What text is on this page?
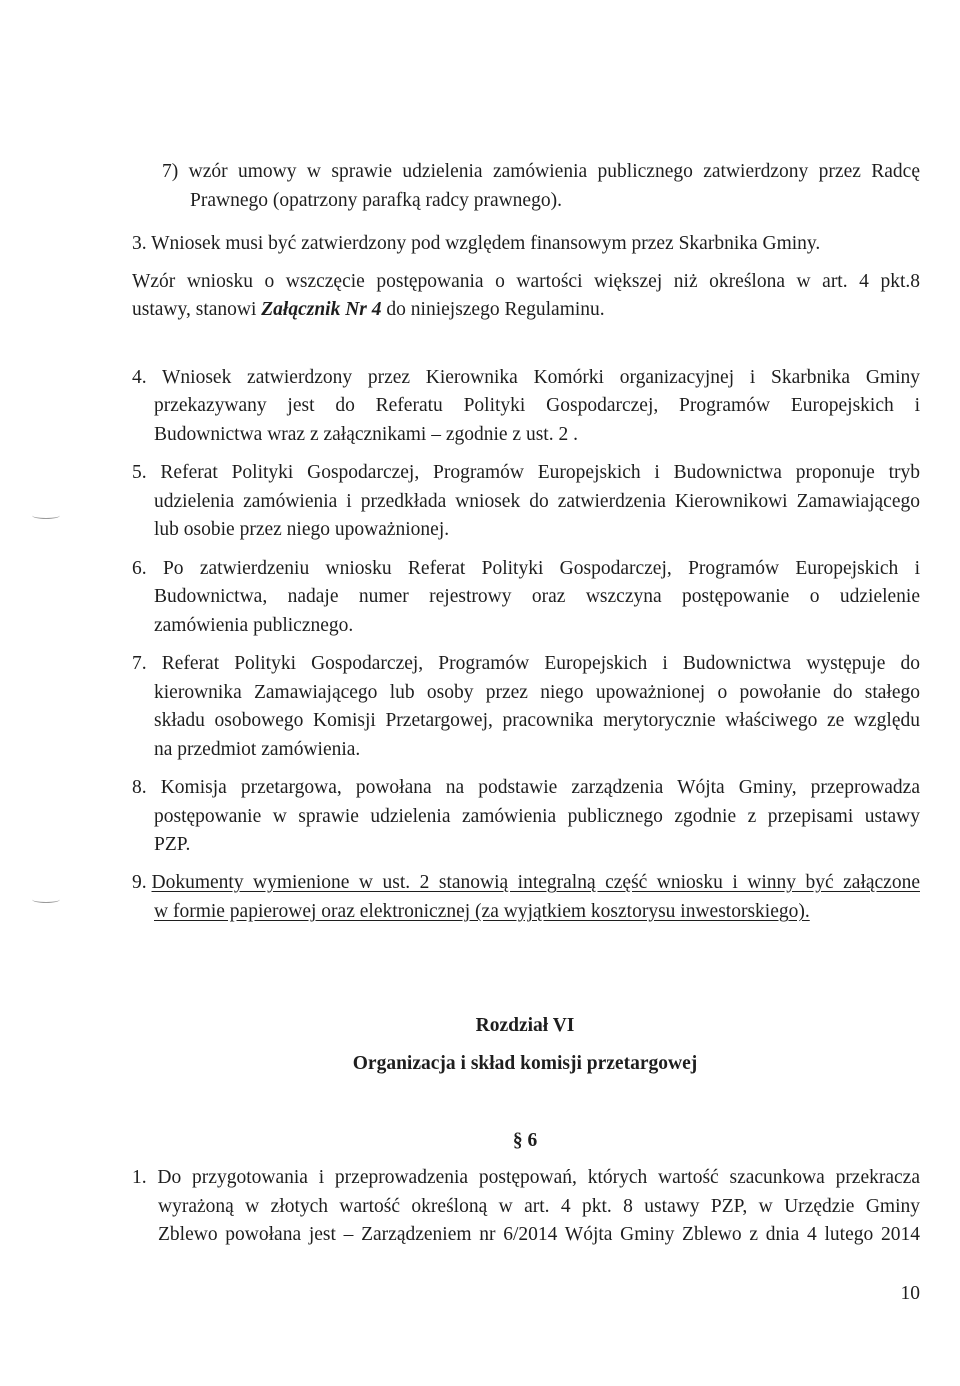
7) wzór umowy w sprawie udzielenia zamówienia publicznego zatwierdzony przez Radcę
Prawnego (opatrzony parafką radcy prawnego).
3. Wniosek musi być zatwierdzony pod względem finansowym przez Skarbnika Gminy.
Wzór wniosku o wszczęcie postępowania o wartości większej niż określona w art. 4 pkt.8
ustawy, stanowi Załącznik Nr 4 do niniejszego Regulaminu.
4. Wniosek zatwierdzony przez Kierownika Komórki organizacyjnej i Skarbnika Gminy
przekazywany jest do Referatu Polityki Gospodarczej, Programów Europejskich i
Budownictwa wraz z załącznikami – zgodnie z ust. 2 .
5. Referat Polityki Gospodarczej, Programów Europejskich i Budownictwa proponuje tryb
udzielenia zamówienia i przedkłada wniosek do zatwierdzenia Kierownikowi Zamawiającego
lub osobie przez niego upoważnionej.
6. Po zatwierdzeniu wniosku Referat Polityki Gospodarczej, Programów Europejskich i
Budownictwa, nadaje numer rejestrowy oraz wszczyna postępowanie o udzielenie
zamówienia publicznego.
7. Referat Polityki Gospodarczej, Programów Europejskich i Budownictwa występuje do
kierownika Zamawiającego lub osoby przez niego upoważnionej o powołanie do stałego
składu osobowego Komisji Przetargowej, pracownika merytorycznie właściwego ze względu
na przedmiot zamówienia.
8. Komisja przetargowa, powołana na podstawie zarządzenia Wójta Gminy, przeprowadza
postępowanie w sprawie udzielenia zamówienia publicznego zgodnie z przepisami ustawy
PZP.
9. Dokumenty wymienione w ust. 2 stanowią integralną część wniosku i winny być załączone
w formie papierowej oraz elektronicznej (za wyjątkiem kosztorysu inwestorskiego).
Rozdział VI
Organizacja i skład komisji przetargowej
§ 6
1. Do przygotowania i przeprowadzenia postępowań, których wartość szacunkowa przekracza
wyrażoną w złotych wartość określoną w art. 4 pkt. 8 ustawy PZP, w Urzędzie Gminy
Zblewo powołana jest – Zarządzeniem nr 6/2014 Wójta Gminy Zblewo z dnia 4 lutego 2014
10
